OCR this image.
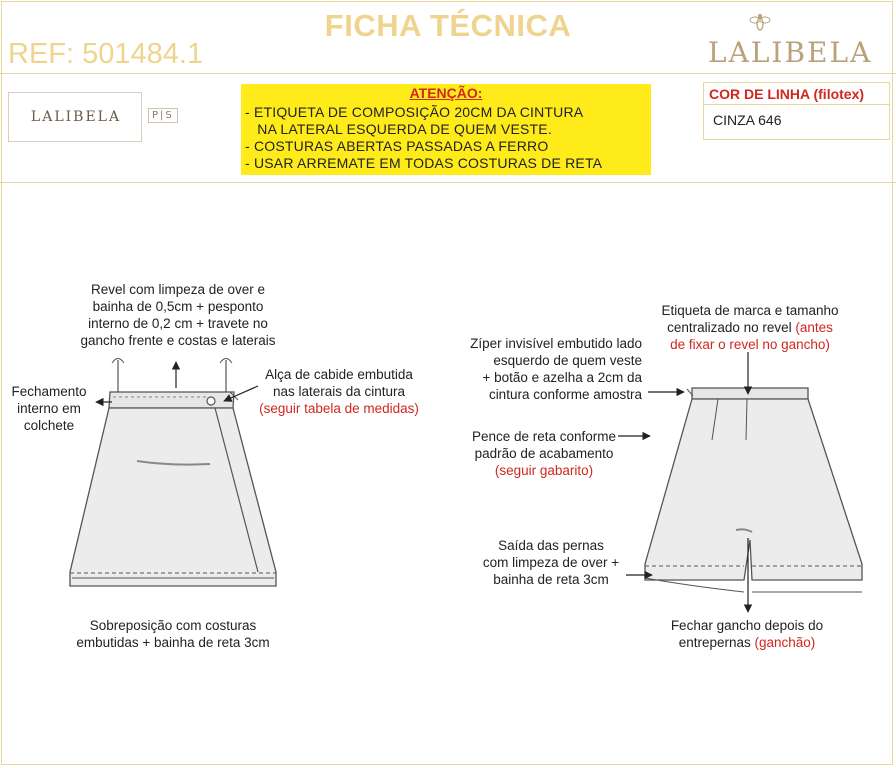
FICHA TÉCNICA
REF: 501484.1	LALIBELA
LALIBELA	P|S
ATENÇÃO:
- ETIQUETA DE COMPOSIÇÃO 20CM DA CINTURA
NA LATERAL ESQUERDA DE QUEM VESTE.
- COSTURAS ABERTAS PASSADAS A FERRO
- USAR ARREMATE EM TODAS COSTURAS DE RETA
COR DE LINHA (filotex)
CINZA 646
Revel com limpeza de over e
bainha de 0,5cm + pesponto
interno de 0,2 cm + travete no
gancho frente e costas e laterais
Alça de cabide embutida
nas laterais da cintura
(seguir tabela de medidas)
Fechamento
interno em
colchete
Sobreposição com costuras
embutidas + bainha de reta 3cm
Etiqueta de marca e tamanho
centralizado no revel (antes
de fixar o revel no gancho)
Zíper invisível embutido lado
esquerdo de quem veste
+ botão e azelha a 2cm da
cintura conforme amostra
Pence de reta conforme
padrão de acabamento
(seguir gabarito)
Saída das pernas
com limpeza de over +
bainha de reta 3cm
Fechar gancho depois do
entrepernas (ganchão)
